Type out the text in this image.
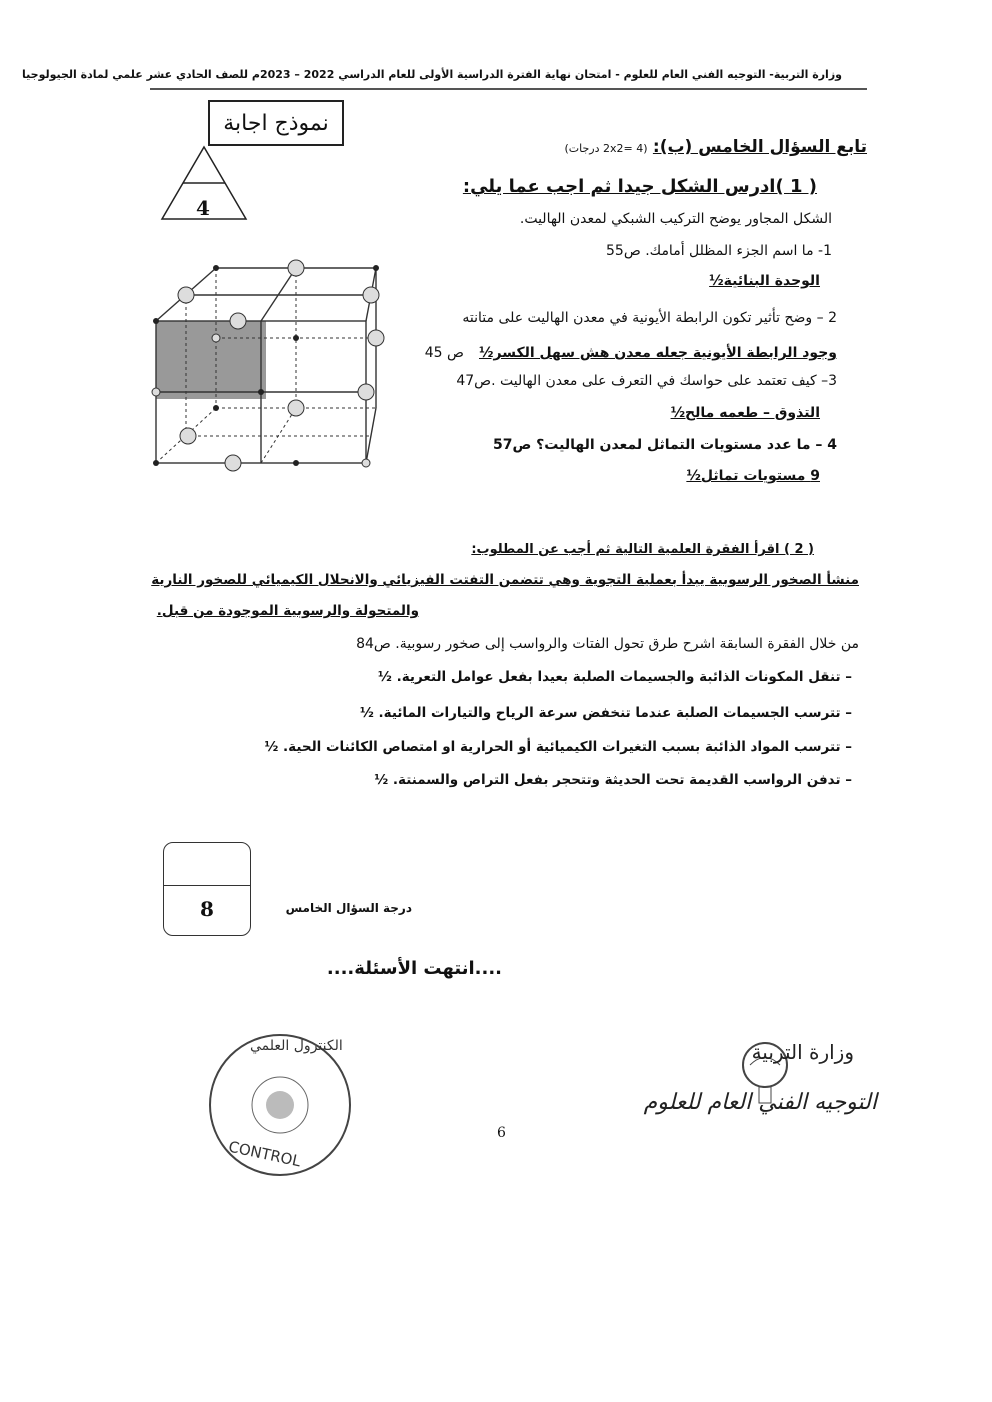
وزارة التربية- التوجيه الفني العام للعلوم - امتحان نهاية الفترة الدراسية الأولى للعام الدراسي 2022 – 2023م للصف الحادي عشر علمي لمادة الجيولوجيا
نموذج اجابة
4
تابع السؤال الخامس (ب): (2x2= 4 درجات)
( 1 )ادرس الشكل جيدا ثم اجب عما يلي:
الشكل المجاور يوضح التركيب الشبكي لمعدن الهاليت.
1- ما اسم الجزء المظلل أمامك. ص55
الوحدة البنائية½
2 – وضح تأثير تكون الرابطة الأيونية في معدن الهاليت على متانته
وجود الرابطة الأيونية جعله معدن هش سهل الكسر½ ص 45
3– كيف تعتمد على حواسك في التعرف على معدن الهاليت .ص47
التذوق – طعمه مالح½
4 – ما عدد مستويات التماثل لمعدن الهاليت؟ ص57
9 مستويات تماثل½
( 2 ) اقرأ الفقرة العلمية التالية ثم أجب عن المطلوب:
منشأ الصخور الرسوبية يبدأ بعملية التجوية وهي تتضمن التفتت الفيزيائي والانحلال الكيميائي للصخور النارية
والمتحولة والرسوبية الموجودة من قبل.
من خلال الفقرة السابقة اشرح طرق تحول الفتات والرواسب إلى صخور رسوبية. ص84
– تنقل المكونات الذائبة والجسيمات الصلبة بعيدا بفعل عوامل التعرية. ½
– تترسب الجسيمات الصلبة عندما تنخفض سرعة الرياح والتيارات المائية. ½
– تترسب المواد الذائبة بسبب التغيرات الكيميائية أو الحرارية او امتصاص الكائنات الحية. ½
– تدفن الرواسب القديمة تحت الحديثة وتتحجر بفعل التراص والسمنتة. ½
8	درجة السؤال الخامس
....انتهت الأسئلة....
الكنترول العلمي
CONTROL
6
وزارة التربية
التوجيه الفني العام للعلوم
